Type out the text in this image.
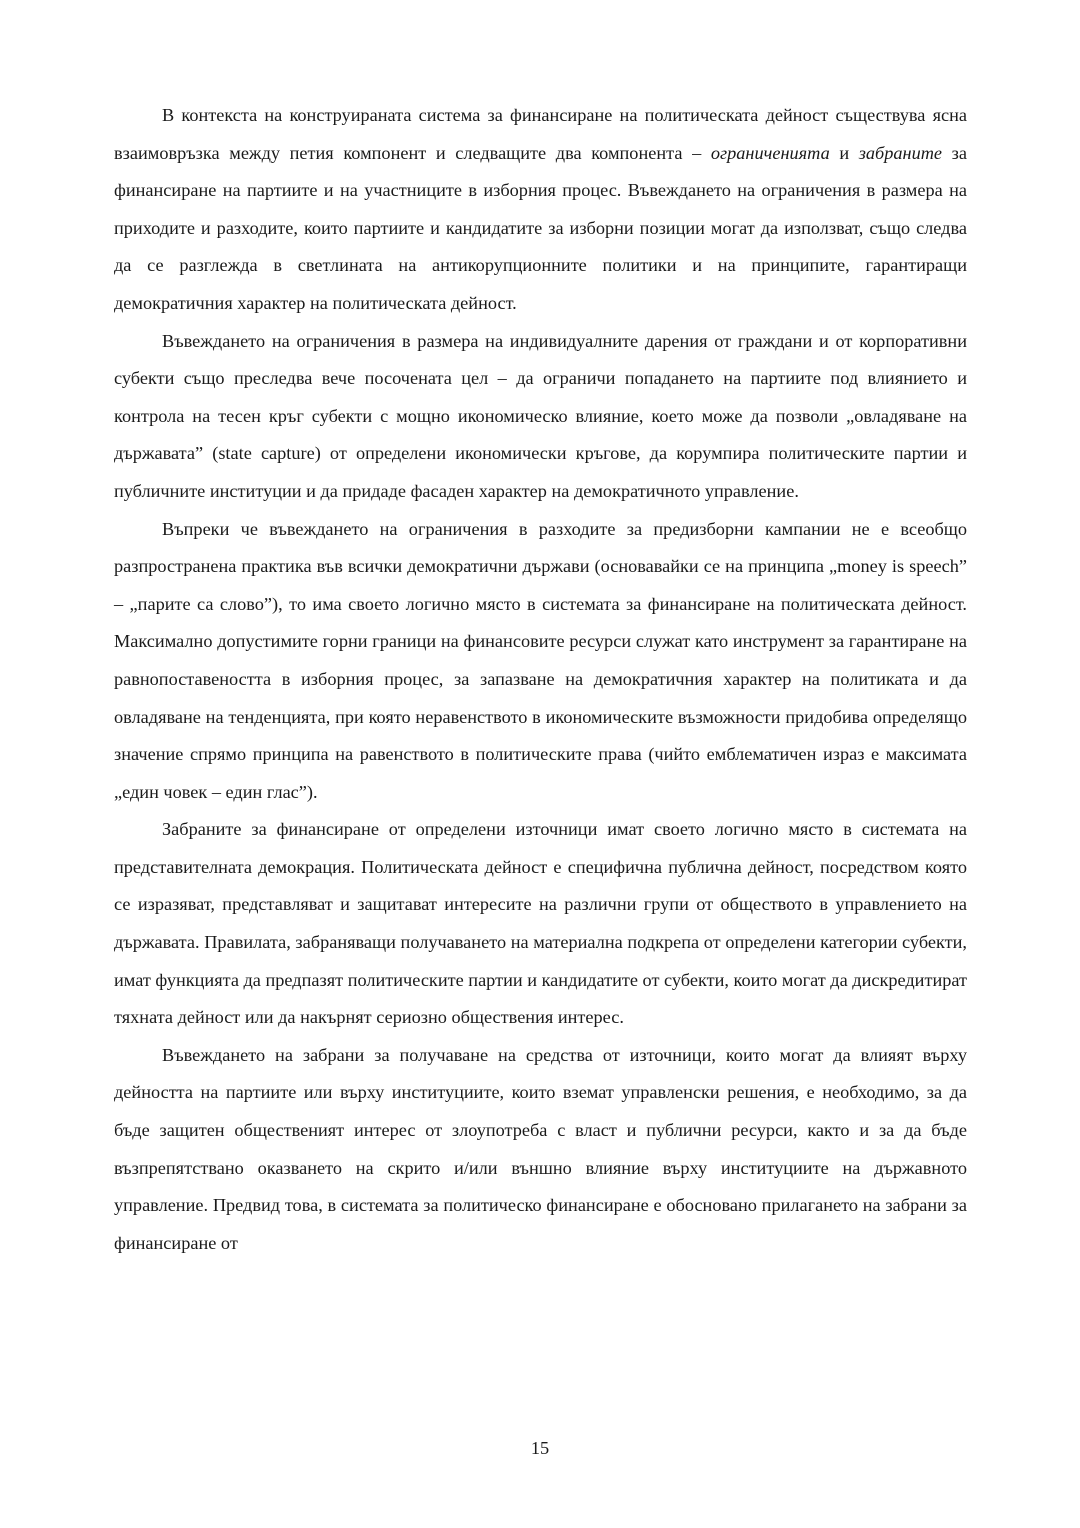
В контекста на конструираната система за финансиране на политическата дейност съществува ясна взаимовръзка между петия компонент и следващите два компонента – ограниченията и забраните за финансиране на партиите и на участниците в изборния процес. Въвеждането на ограничения в размера на приходите и разходите, които партиите и кандидатите за изборни позиции могат да използват, също следва да се разглежда в светлината на антикорупционните политики и на принципите, гарантиращи демократичния характер на политическата дейност.

Въвеждането на ограничения в размера на индивидуалните дарения от граждани и от корпоративни субекти също преследва вече посочената цел – да ограничи попадането на партиите под влиянието и контрола на тесен кръг субекти с мощно икономическо влияние, което може да позволи „овладяване на държавата” (state capture) от определени икономически кръгове, да корумпира политическите партии и публичните институции и да придаде фасаден характер на демократичното управление.

Въпреки че въвеждането на ограничения в разходите за предизборни кампании не е всеобщо разпространена практика във всички демократични държави (основавайки се на принципа „money is speech” – „парите са слово”), то има своето логично място в системата за финансиране на политическата дейност. Максимално допустимите горни граници на финансовите ресурси служат като инструмент за гарантиране на равнопоставеността в изборния процес, за запазване на демократичния характер на политиката и да овладяване на тенденцията, при която неравенството в икономическите възможности придобива определящо значение спрямо принципа на равенството в политическите права (чийто емблематичен израз е максимата „един човек – един глас”).

Забраните за финансиране от определени източници имат своето логично място в системата на представителната демокрация. Политическата дейност е специфична публична дейност, посредством която се изразяват, представляват и защитават интересите на различни групи от обществото в управлението на държавата. Правилата, забраняващи получаването на материална подкрепа от определени категории субекти, имат функцията да предпазят политическите партии и кандидатите от субекти, които могат да дискредитират тяхната дейност или да накърнят сериозно обществения интерес.

Въвеждането на забрани за получаване на средства от източници, които могат да влияят върху дейността на партиите или върху институциите, които вземат управленски решения, е необходимо, за да бъде защитен общественият интерес от злоупотреба с власт и публични ресурси, както и за да бъде възпрепятствано оказването на скрито и/или външно влияние върху институциите на държавното управление. Предвид това, в системата за политическо финансиране е обосновано прилагането на забрани за финансиране от

15
